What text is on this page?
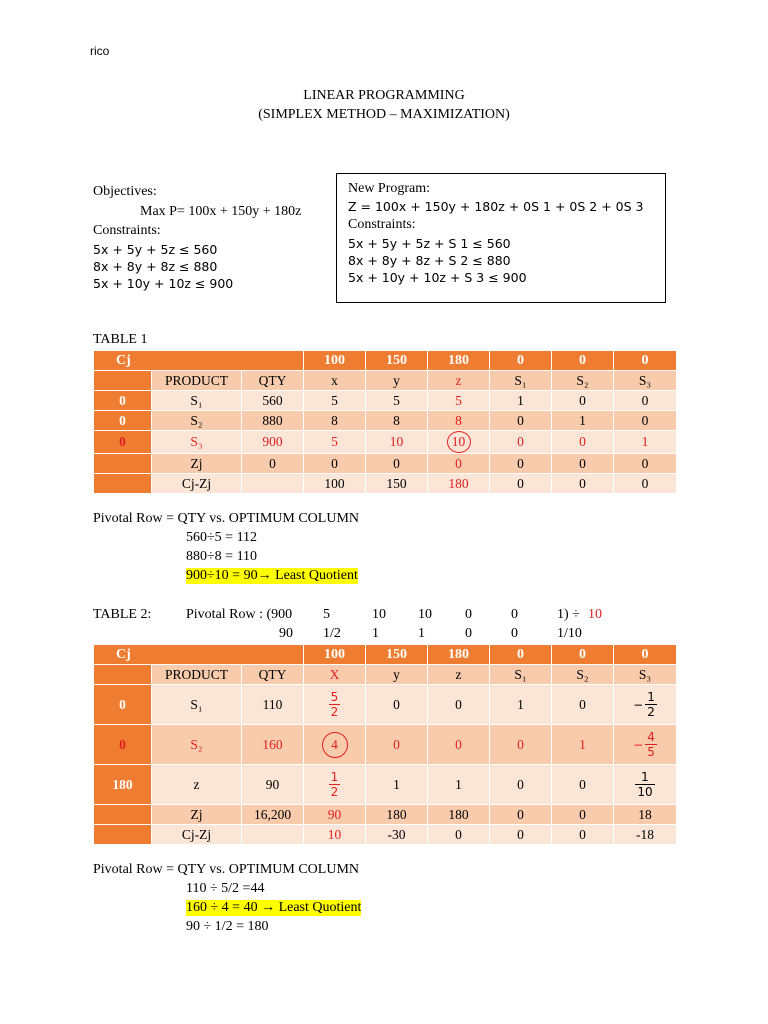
rico
LINEAR PROGRAMMING
(SIMPLEX METHOD – MAXIMIZATION)
Objectives:
Max P= 100x + 150y + 180z
Constraints:
5x + 5y + 5z ≤ 560
8x + 8y + 8z ≤ 880
5x + 10y + 10z ≤ 900
New Program:
Z = 100x + 150y + 180z + 0S 1 + 0S 2 + 0S 3
Constraints:
5x + 5y + 5z + S 1 ≤ 560
8x + 8y + 8z + S 2 ≤ 880
5x + 10y + 10z + S 3 ≤ 900
TABLE 1
Cj			100	150	180	0	0	0
	PRODUCT	QTY	x	y	z	S₁	S₂	S₃
0	S₁	560	5	5	5	1	0	0
0	S₂	880	8	8	8	0	1	0
0	S₃	900	5	10	10	0	0	1
	Zj	0	0	0	0	0	0	0
	Cj-Zj		100	150	180	0	0	0
Pivotal Row = QTY vs. OPTIMUM COLUMN
560÷5 = 112
880÷8 = 110
900÷10 = 90→ Least Quotient
TABLE 2: Pivotal Row : (900 5	10 10 0	0	1) ÷ 10
90 1/2 1	1	0	0	1/10
Cj			100	150	180	0	0	0
	PRODUCT	QTY	X	y	z	S₁	S₂	S₃
0	S₁	110	$\frac{5}{2}$	0	0	1	0	− $\frac{1}{2}$

0	S₂	160	4	0	0	0	1	− $\frac{4}{5}$

180	z	90	$\frac{1}{2}$	1	1	0	0	$\frac{1}{10}$

	Zj	16,200	90	180	180	0	0	18
	Cj-Zj		10	-30	0	0	0	-18
Pivotal Row = QTY vs. OPTIMUM COLUMN
110 ÷ 5/2 =44
160 ÷ 4 = 40 → Least Quotient
90 ÷ 1/2 = 180
